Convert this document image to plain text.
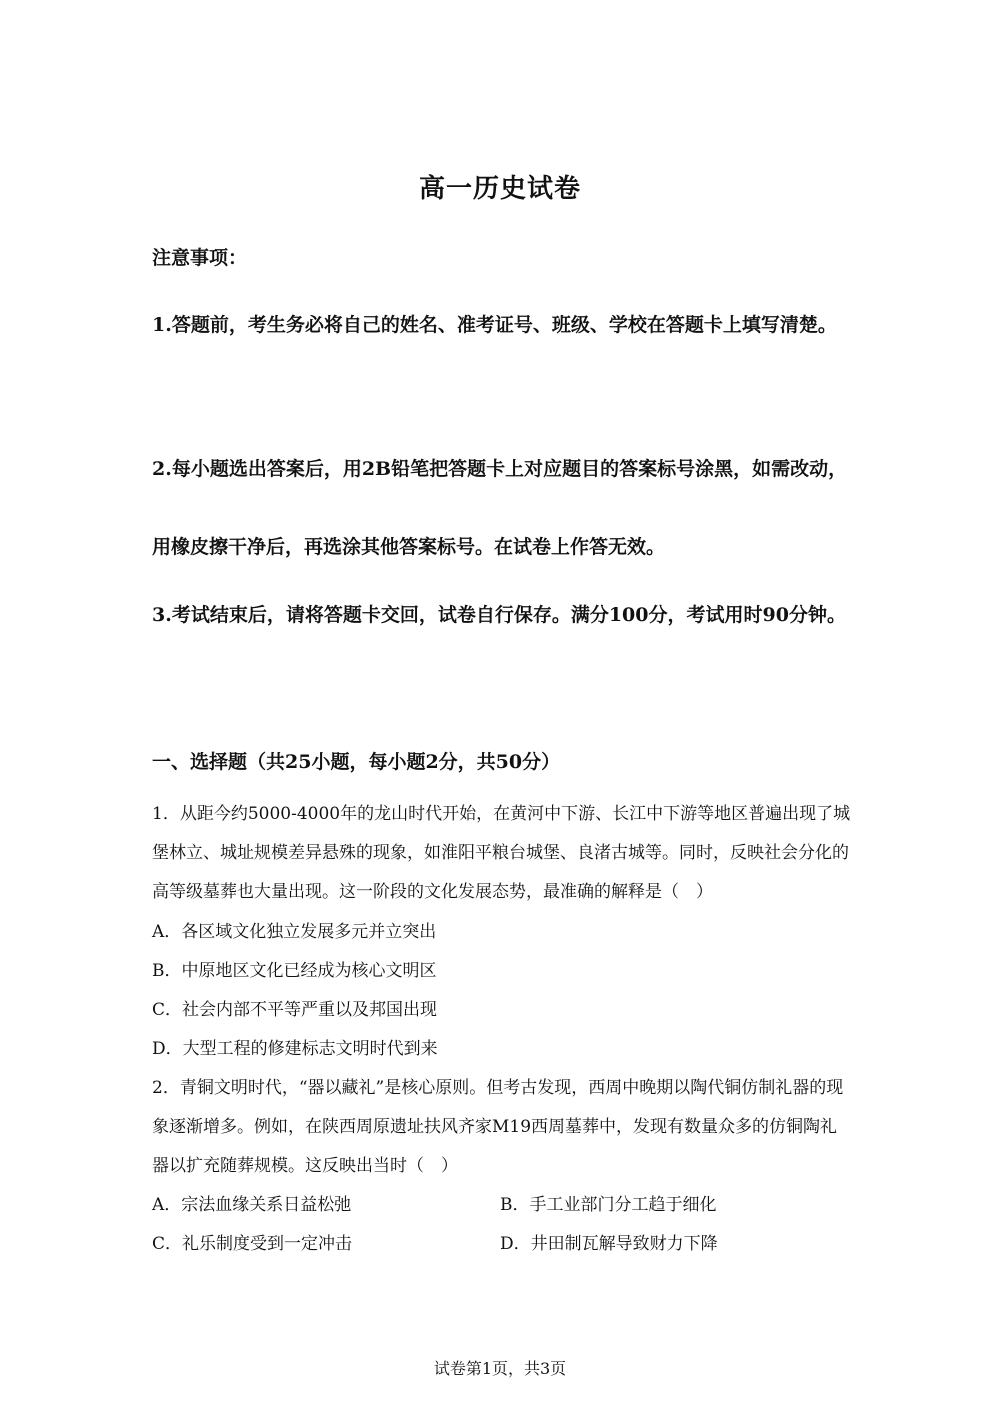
高一历史试卷
注意事项：
1.答题前，考生务必将自己的姓名、准考证号、班级、学校在答题卡上填写清楚。
2.每小题选出答案后，用2B铅笔把答题卡上对应题目的答案标号涂黑，如需改动，用橡皮擦干净后，再选涂其他答案标号。在试卷上作答无效。
3.考试结束后，请将答题卡交回，试卷自行保存。满分100分，考试用时90分钟。
一、选择题（共25小题，每小题2分，共50分）
1．从距今约5000-4000年的龙山时代开始，在黄河中下游、长江中下游等地区普遍出现了城堡林立、城址规模差异悬殊的现象，如淮阳平粮台城堡、良渚古城等。同时，反映社会分化的高等级墓葬也大量出现。这一阶段的文化发展态势，最准确的解释是（　）
A．各区域文化独立发展多元并立突出
B．中原地区文化已经成为核心文明区
C．社会内部不平等严重以及邦国出现
D．大型工程的修建标志文明时代到来
2．青铜文明时代，“器以藏礼”是核心原则。但考古发现，西周中晚期以陶代铜仿制礼器的现象逐渐增多。例如，在陕西周原遗址扶风齐家M19西周墓葬中，发现有数量众多的仿铜陶礼器以扩充随葬规模。这反映出当时（　）
A．宗法血缘关系日益松弛	B．手工业部门分工趋于细化
C．礼乐制度受到一定冲击	D．井田制瓦解导致财力下降
试卷第1页，共3页
